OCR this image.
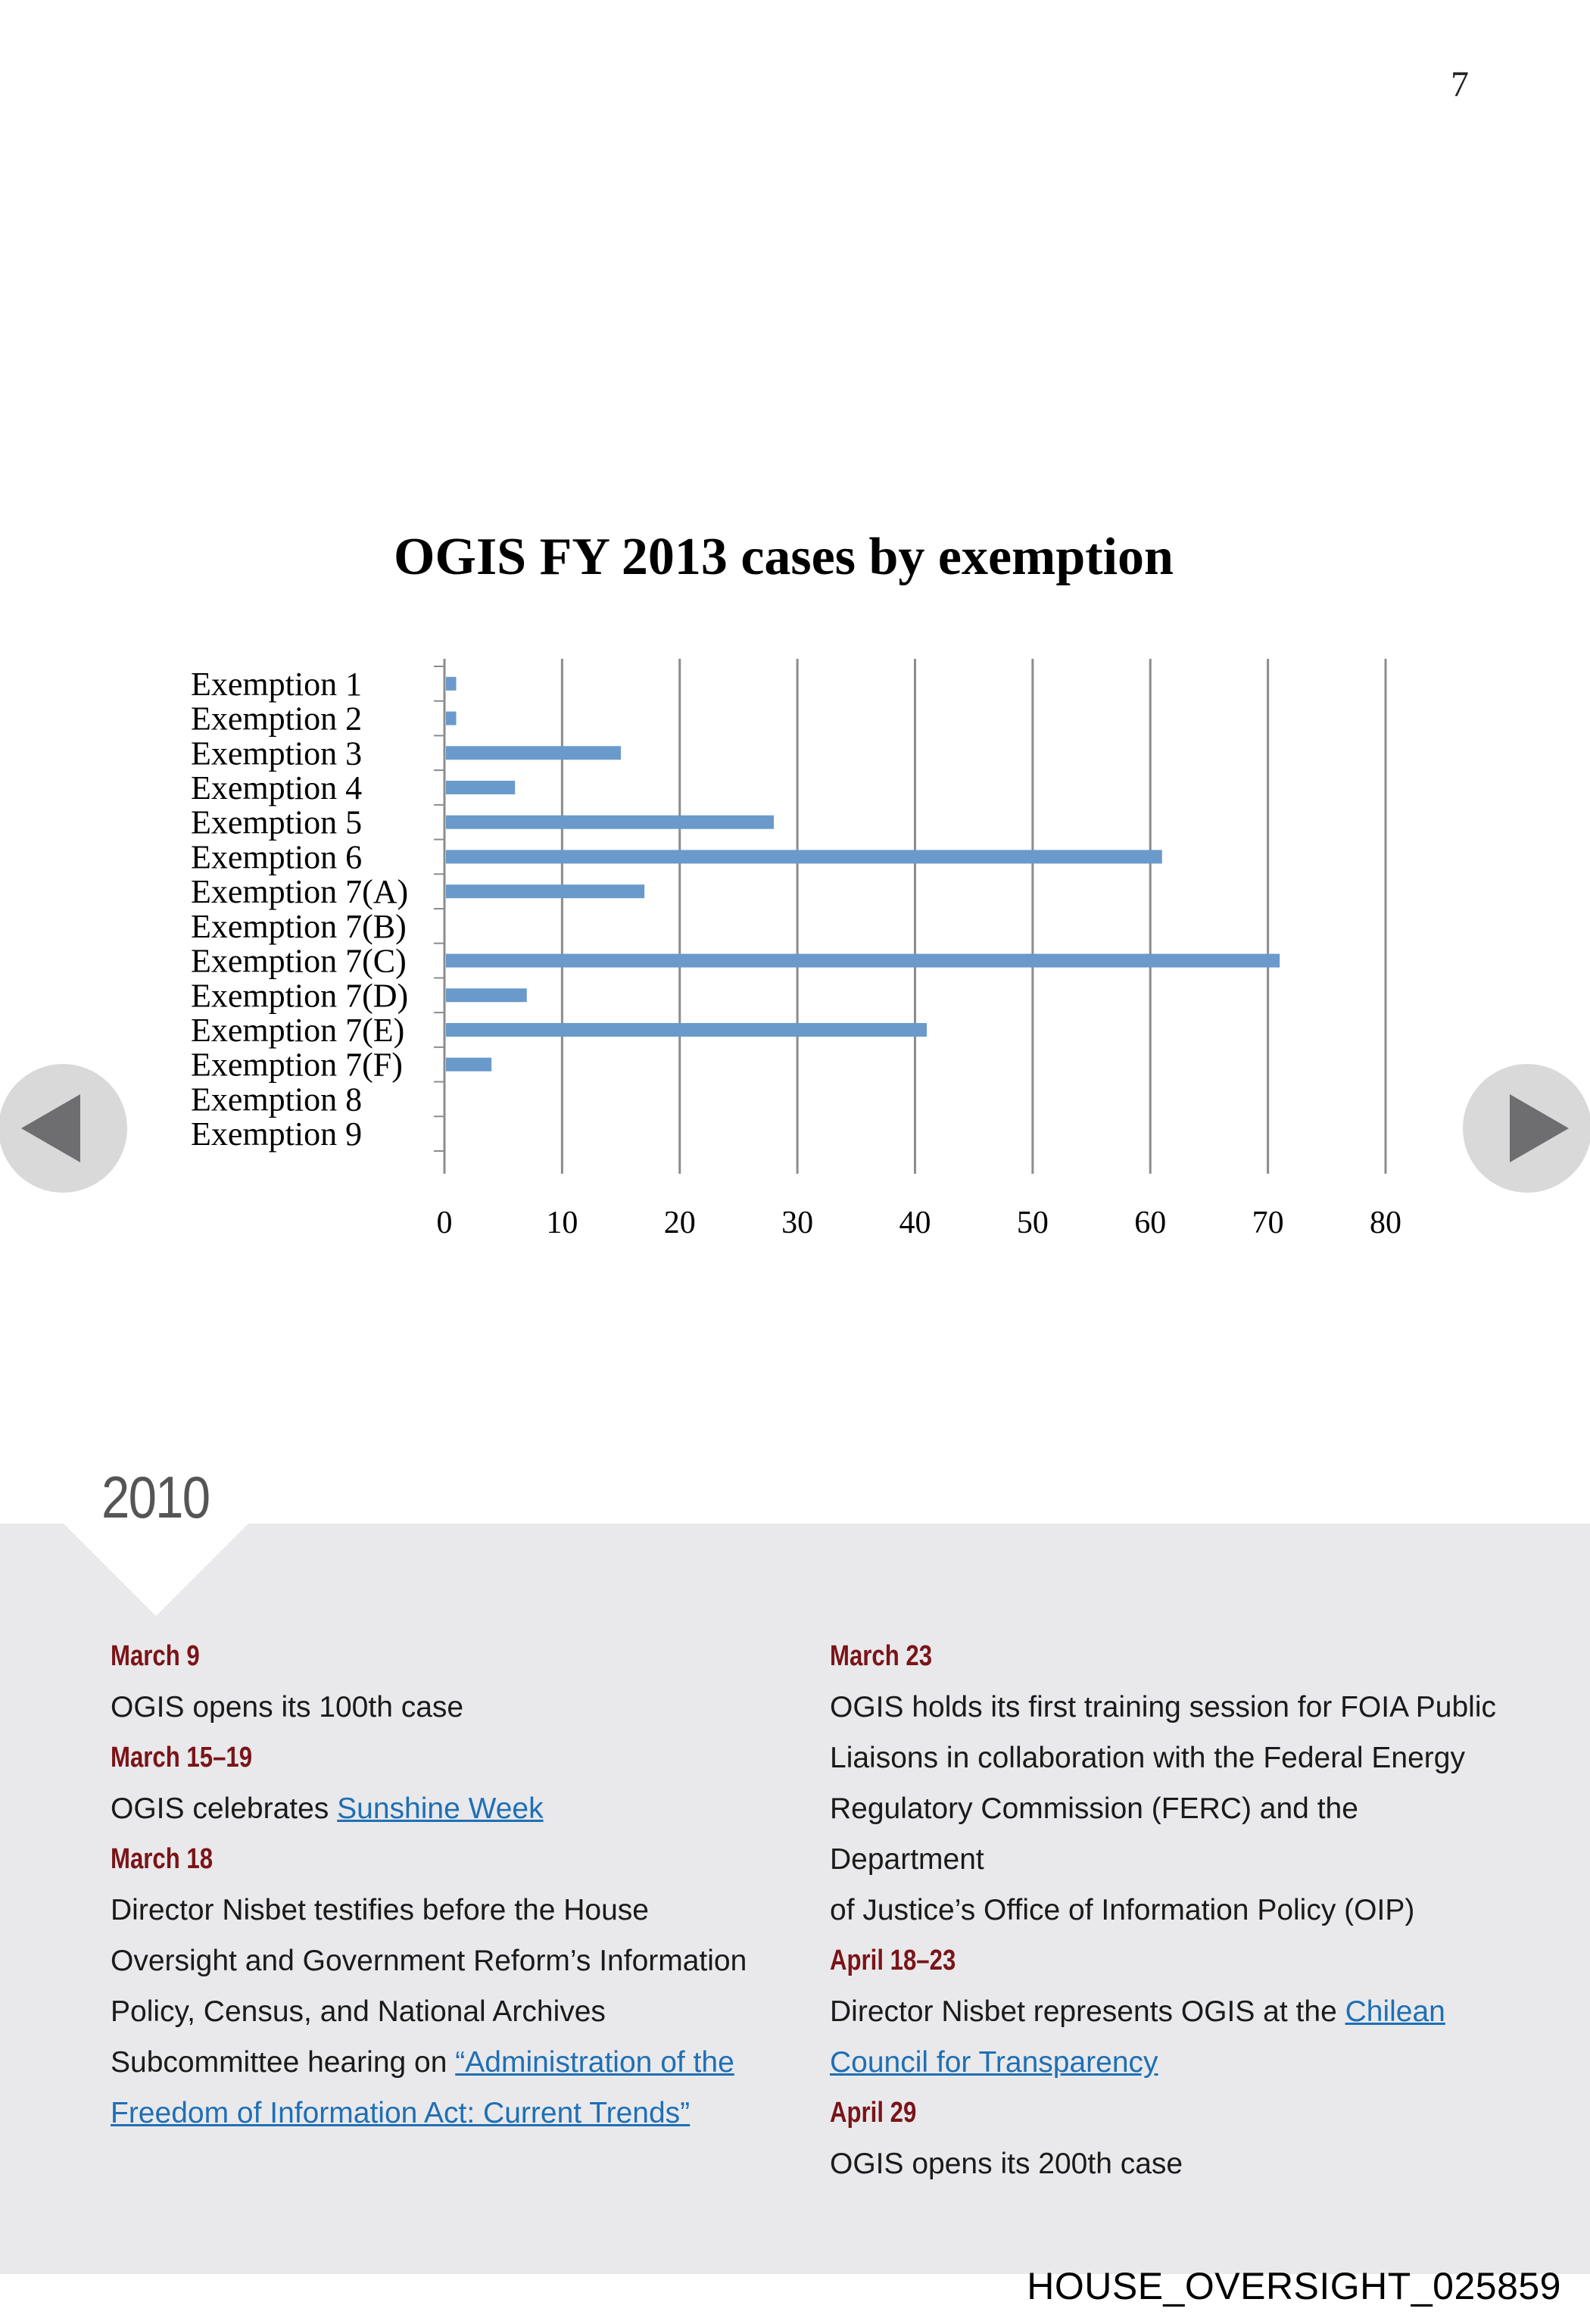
7
OGIS FY 2013 cases by exemption
Exemption 1
Exemption 2
Exemption 3
Exemption 4
Exemption 5
Exemption 6
Exemption 7(A)
Exemption 7(B)
Exemption 7(C)
Exemption 7(D)
Exemption 7(E)
Exemption 7(F)
Exemption 8
Exemption 9
0	10	20	30	40	50	60	70	80
2010
March 9
OGIS opens its 100th case
March 15–19
OGIS celebrates Sunshine Week
March 18
Director Nisbet testifies before the House
Oversight and Government Reform’s Information
Policy, Census, and National Archives
Subcommittee hearing on “Administration of the
Freedom of Information Act: Current Trends”
March 23
OGIS holds its first training session for FOIA Public
Liaisons in collaboration with the Federal Energy
Regulatory Commission (FERC) and the Department
of Justice’s Office of Information Policy (OIP)
April 18–23
Director Nisbet represents OGIS at the Chilean
Council for Transparency
April 29
OGIS opens its 200th case
HOUSE_OVERSIGHT_025859
